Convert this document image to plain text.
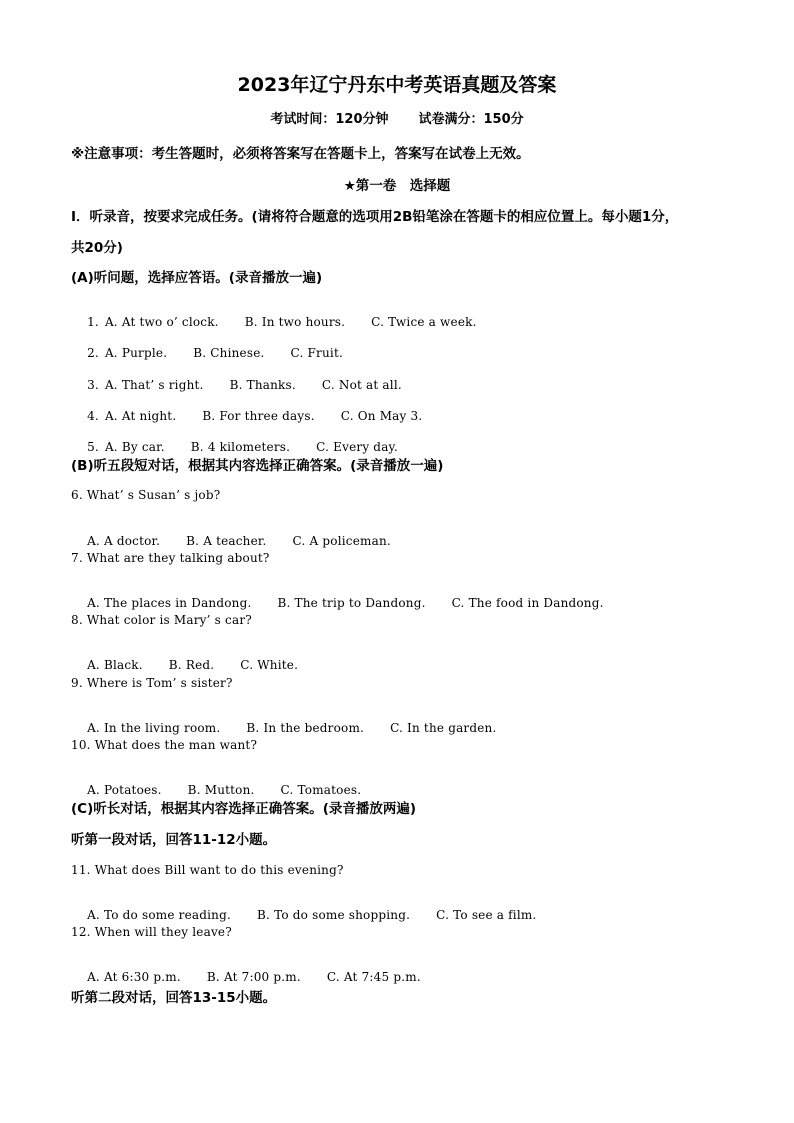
2023年辽宁丹东中考英语真题及答案
考试时间：120分钟 试卷满分：150分
※注意事项：考生答题时，必须将答案写在答题卡上，答案写在试卷上无效。
★第一卷　选择题
Ⅰ．听录音，按要求完成任务。(请将符合题意的选项用2B铅笔涂在答题卡的相应位置上。每小题1分，
共20分)
(A)听问题，选择应答语。(录音播放一遍)

1. A. At two o’ clock. B. In two hours. C. Twice a week.

2. A. Purple. B. Chinese. C. Fruit.

3. A. That’ s right. B. Thanks. C. Not at all.

4. A. At night. B. For three days. C. On May 3.

5. A. By car. B. 4 kilometers. C. Every day.

(B)听五段短对话，根据其内容选择正确答案。(录音播放一遍)
6. What’ s Susan’ s job?

A. A doctor. B. A teacher. C. A policeman.

7. What are they talking about?

A. The places in Dandong. B. The trip to Dandong. C. The food in Dandong.

8. What color is Mary’ s car?

A. Black. B. Red. C. White.

9. Where is Tom’ s sister?

A. In the living room. B. In the bedroom. C. In the garden.

10. What does the man want?

A. Potatoes. B. Mutton. C. Tomatoes.

(C)听长对话，根据其内容选择正确答案。(录音播放两遍)
听第一段对话，回答11-12小题。
11. What does Bill want to do this evening?

A. To do some reading. B. To do some shopping. C. To see a film.

12. When will they leave?

A. At 6:30 p.m. B. At 7:00 p.m. C. At 7:45 p.m.

听第二段对话，回答13-15小题。
